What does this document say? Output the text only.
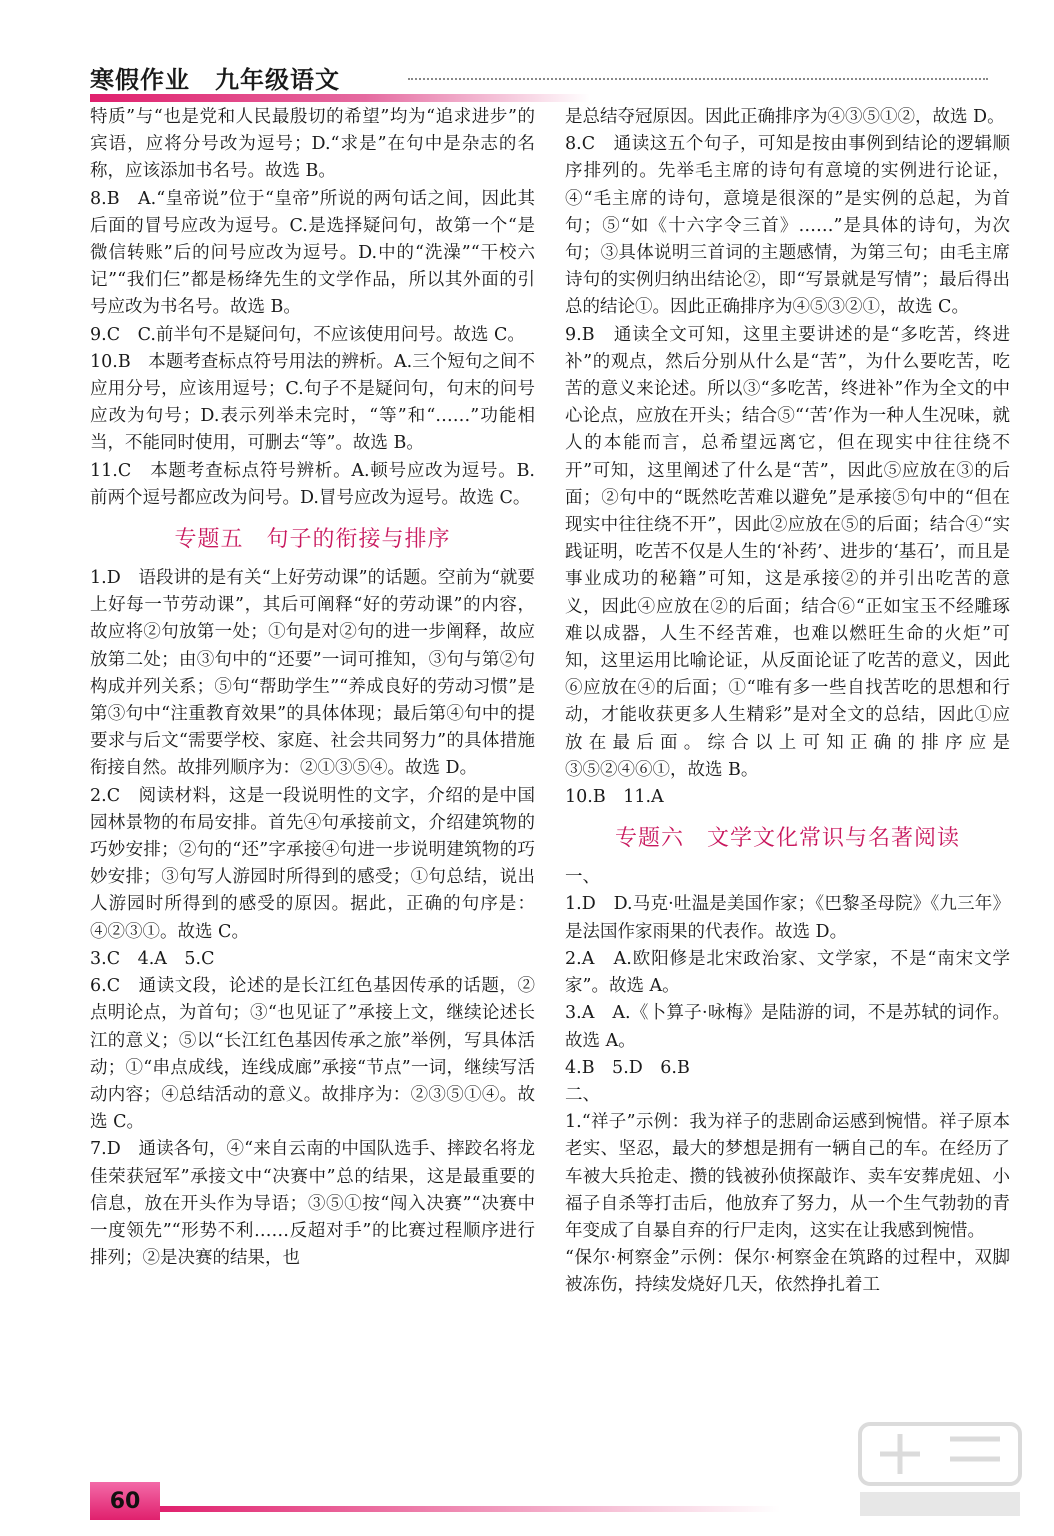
寒假作业　九年级语文
特质”与“也是党和人民最殷切的希望”均为“追求进步”的宾语，应将分号改为逗号；D.“求是”在句中是杂志的名称，应该添加书名号。故选 B。
8.B　A.“皇帝说”位于“皇帝”所说的两句话之间，因此其后面的冒号应改为逗号。C.是选择疑问句，故第一个“是微信转账”后的问号应改为逗号。D.中的“洗澡”“干校六记”“我们仨”都是杨绛先生的文学作品，所以其外面的引号应改为书名号。故选 B。
9.C　C.前半句不是疑问句，不应该使用问号。故选 C。
10.B　本题考查标点符号用法的辨析。A.三个短句之间不应用分号，应该用逗号；C.句子不是疑问句，句末的问号应改为句号；D.表示列举未完时，“等”和“……”功能相当，不能同时使用，可删去“等”。故选 B。
11.C　本题考查标点符号辨析。A.顿号应改为逗号。B.前两个逗号都应改为问号。D.冒号应改为逗号。故选 C。
专题五　句子的衔接与排序
1.D　语段讲的是有关“上好劳动课”的话题。空前为“就要上好每一节劳动课”，其后可阐释“好的劳动课”的内容，故应将②句放第一处；①句是对②句的进一步阐释，故应放第二处；由③句中的“还要”一词可推知，③句与第②句构成并列关系；⑤句“帮助学生”“养成良好的劳动习惯”是第③句中“注重教育效果”的具体体现；最后第④句中的提要求与后文“需要学校、家庭、社会共同努力”的具体措施衔接自然。故排列顺序为：②①③⑤④。故选 D。
2.C　阅读材料，这是一段说明性的文字，介绍的是中国园林景物的布局安排。首先④句承接前文，介绍建筑物的巧妙安排；②句的“还”字承接④句进一步说明建筑物的巧妙安排；③句写人游园时所得到的感受；①句总结，说出人游园时所得到的感受的原因。据此，正确的句序是：④②③①。故选 C。
3.C　4.A　5.C
6.C　通读文段，论述的是长江红色基因传承的话题，②点明论点，为首句；③“也见证了”承接上文，继续论述长江的意义；⑤以“长江红色基因传承之旅”举例，写具体活动；①“串点成线，连线成廊”承接“节点”一词，继续写活动内容；④总结活动的意义。故排序为：②③⑤①④。故选 C。
7.D　通读各句，④“来自云南的中国队选手、摔跤名将龙佳荣获冠军”承接文中“决赛中”总的结果，这是最重要的信息，放在开头作为导语；③⑤①按“闯入决赛”“决赛中一度领先”“形势不利……反超对手”的比赛过程顺序进行排列；②是决赛的结果，也
是总结夺冠原因。因此正确排序为④③⑤①②，故选 D。
8.C　通读这五个句子，可知是按由事例到结论的逻辑顺序排列的。先举毛主席的诗句有意境的实例进行论证，④“毛主席的诗句，意境是很深的”是实例的总起，为首句；⑤“如《十六字令三首》……”是具体的诗句，为次句；③具体说明三首词的主题感情，为第三句；由毛主席诗句的实例归纳出结论②，即“写景就是写情”；最后得出总的结论①。因此正确排序为④⑤③②①，故选 C。
9.B　通读全文可知，这里主要讲述的是“多吃苦，终进补”的观点，然后分别从什么是“苦”，为什么要吃苦，吃苦的意义来论述。所以③“多吃苦，终进补”作为全文的中心论点，应放在开头；结合⑤“‘苦’作为一种人生况味，就人的本能而言，总希望远离它，但在现实中往往绕不开”可知，这里阐述了什么是“苦”，因此⑤应放在③的后面；②句中的“既然吃苦难以避免”是承接⑤句中的“但在现实中往往绕不开”，因此②应放在⑤的后面；结合④“实践证明，吃苦不仅是人生的‘补药’、进步的‘基石’，而且是事业成功的秘籍”可知，这是承接②的并引出吃苦的意义，因此④应放在②的后面；结合⑥“正如宝玉不经雕琢难以成器，人生不经苦难，也难以燃旺生命的火炬”可知，这里运用比喻论证，从反面论证了吃苦的意义，因此⑥应放在④的后面；①“唯有多一些自找苦吃的思想和行动，才能收获更多人生精彩”是对全文的总结，因此①应放在最后面。综合以上可知正确的排序应是③⑤②④⑥①，故选 B。
10.B　11.A
专题六　文学文化常识与名著阅读
一、
1.D　D.马克·吐温是美国作家；《巴黎圣母院》《九三年》是法国作家雨果的代表作。故选 D。
2.A　A.欧阳修是北宋政治家、文学家，不是“南宋文学家”。故选 A。
3.A　A.《卜算子·咏梅》是陆游的词，不是苏轼的词作。故选 A。
4.B　5.D　6.B
二、
1.“祥子”示例：我为祥子的悲剧命运感到惋惜。祥子原本老实、坚忍，最大的梦想是拥有一辆自己的车。在经历了车被大兵抢走、攒的钱被孙侦探敲诈、卖车安葬虎妞、小福子自杀等打击后，他放弃了努力，从一个生气勃勃的青年变成了自暴自弃的行尸走肉，这实在让我感到惋惜。
“保尔·柯察金”示例：保尔·柯察金在筑路的过程中，双脚被冻伤，持续发烧好几天，依然挣扎着工
60
